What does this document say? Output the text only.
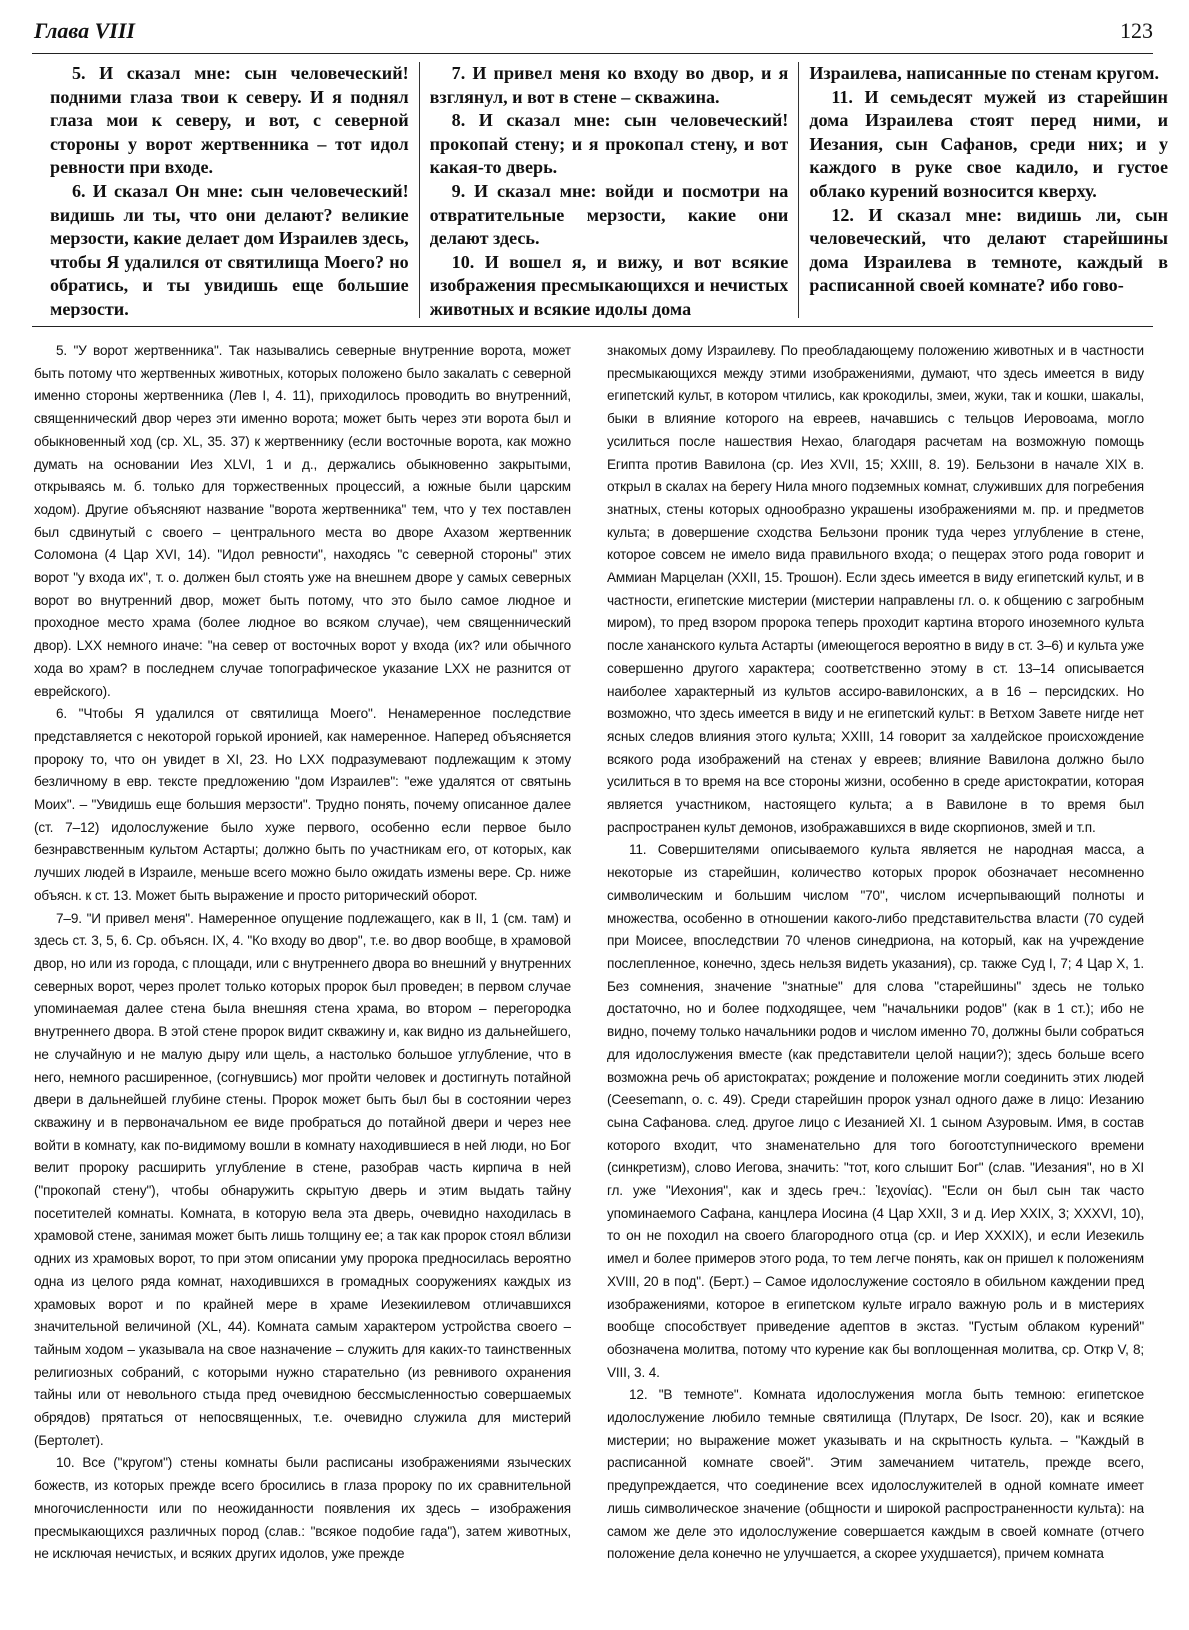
Глава VIII	123

5. И сказал мне: сын человеческий! подними глаза твои к северу. И я поднял глаза мои к северу, и вот, с северной стороны у ворот жертвенника – тот идол ревности при входе.

6. И сказал Он мне: сын человеческий! видишь ли ты, что они делают? великие мерзости, какие делает дом Израилев здесь, чтобы Я удалился от святилища Моего? но обратись, и ты увидишь еще большие мерзости.

7. И привел меня ко входу во двор, и я взглянул, и вот в стене – скважина.

8. И сказал мне: сын человеческий! прокопай стену; и я прокопал стену, и вот какая-то дверь.

9. И сказал мне: войди и посмотри на отвратительные мерзости, какие они делают здесь.

10. И вошел я, и вижу, и вот всякие изображения пресмыкающихся и нечистых животных и всякие идолы дома

Израилева, написанные по стенам кругом.

11. И семьдесят мужей из старейшин дома Израилева стоят перед ними, и Иезания, сын Сафанов, среди них; и у каждого в руке свое кадило, и густое облако курений возносится кверху.

12. И сказал мне: видишь ли, сын человеческий, что делают старейшины дома Израилева в темноте, каждый в расписанной своей комнате? ибо гово-

5. "У ворот жертвенника". Так назывались северные внутренние ворота, может быть потому что жертвенных животных, которых положено было закалать с северной именно стороны жертвенника (Лев I, 4. 11), приходилось проводить во внутренний, священнический двор через эти именно ворота; может быть через эти ворота был и обыкновенный ход (ср. XL, 35. 37) к жертвеннику (если восточные ворота, как можно думать на основании Иез XLVI, 1 и д., держались обыкновенно закрытыми, открываясь м. б. только для торжественных процессий, а южные были царским ходом). Другие объясняют название "ворота жертвенника" тем, что у тех поставлен был сдвинутый с своего – центрального места во дворе Ахазом жертвенник Соломона (4 Цар XVI, 14). "Идол ревности", находясь "с северной стороны" этих ворот "у входа их", т. о. должен был стоять уже на внешнем дворе у самых северных ворот во внутренний двор, может быть потому, что это было самое людное и проходное место храма (более людное во всяком случае), чем священнический двор). LXX немного иначе: "на север от восточных ворот у входа (их? или обычного хода во храм? в последнем случае топографическое указание LXX не разнится от еврейского).

6. "Чтобы Я удалился от святилища Моего". Ненамеренное последствие представляется с некоторой горькой иронией, как намеренное. Наперед объясняется пророку то, что он увидет в XI, 23. Но LXX подразумевают подлежащим к этому безличному в евр. тексте предложению "дом Израилев": "еже удалятся от святынь Моих". – "Увидишь еще большия мерзости". Трудно понять, почему описанное далее (ст. 7–12) идолослужение было хуже первого, особенно если первое было безнравственным культом Астарты; должно быть по участникам его, от которых, как лучших людей в Израиле, меньше всего можно было ожидать измены вере. Ср. ниже объясн. к ст. 13. Может быть выражение и просто риторический оборот.

7–9. "И привел меня". Намеренное опущение подлежащего, как в II, 1 (см. там) и здесь ст. 3, 5, 6. Ср. объясн. IX, 4. "Ко входу во двор", т.е. во двор вообще, в храмовой двор, но или из города, с площади, или с внутреннего двора во внешний у внутренних северных ворот, через пролет только которых пророк был проведен; в первом случае упоминаемая далее стена была внешняя стена храма, во втором – перегородка внутреннего двора. В этой стене пророк видит скважину и, как видно из дальнейшего, не случайную и не малую дыру или щель, а настолько большое углубление, что в него, немного расширенное, (согнувшись) мог пройти человек и достигнуть потайной двери в дальнейшей глубине стены. Пророк может быть был бы в состоянии через скважину и в первоначальном ее виде пробраться до потайной двери и через нее войти в комнату, как по-видимому вошли в комнату находившиеся в ней люди, но Бог велит пророку расширить углубление в стене, разобрав часть кирпича в ней ("прокопай стену"), чтобы обнаружить скрытую дверь и этим выдать тайну посетителей комнаты. Комната, в которую вела эта дверь, очевидно находилась в храмовой стене, занимая может быть лишь толщину ее; а так как пророк стоял вблизи одних из храмовых ворот, то при этом описании уму пророка предносилась вероятно одна из целого ряда комнат, находившихся в громадных сооружениях каждых из храмовых ворот и по крайней мере в храме Иезекиилевом отличавшихся значительной величиной (XL, 44). Комната самым характером устройства своего – тайным ходом – указывала на свое назначение – служить для каких-то таинственных религиозных собраний, с которыми нужно старательно (из ревнивого охранения тайны или от невольного стыда пред очевидною бессмысленностью совершаемых обрядов) прятаться от непосвященных, т.е. очевидно служила для мистерий (Бертолет).

10. Все ("кругом") стены комнаты были расписаны изображениями языческих божеств, из которых прежде всего бросились в глаза пророку по их сравнительной многочисленности или по неожиданности появления их здесь – изображения пресмыкающихся различных пород (слав.: "всякое подобие гада"), затем животных, не исключая нечистых, и всяких других идолов, уже прежде

знакомых дому Израилеву. По преобладающему положению животных и в частности пресмыкающихся между этими изображениями, думают, что здесь имеется в виду египетский культ, в котором чтились, как крокодилы, змеи, жуки, так и кошки, шакалы, быки в влияние которого на евреев, начавшись с тельцов Иеровоама, могло усилиться после нашествия Нехао, благодаря расчетам на возможную помощь Египта против Вавилона (ср. Иез XVII, 15; XXIII, 8. 19). Бельзони в начале XIX в. открыл в скалах на берегу Нила много подземных комнат, служивших для погребения знатных, стены которых однообразно украшены изображениями м. пр. и предметов культа; в довершение сходства Бельзони проник туда через углубление в стене, которое совсем не имело вида правильного входа; о пещерах этого рода говорит и Аммиан Марцелан (XXII, 15. Трошон). Если здесь имеется в виду египетский культ, и в частности, египетские мистерии (мистерии направлены гл. о. к общению с загробным миром), то пред взором пророка теперь проходит картина второго иноземного культа после хананского культа Астарты (имеющегося вероятно в виду в ст. 3–6) и культа уже совершенно другого характера; соответственно этому в ст. 13–14 описывается наиболее характерный из культов ассиро-вавилонских, а в 16 – персидских. Но возможно, что здесь имеется в виду и не египетский культ: в Ветхом Завете нигде нет ясных следов влияния этого культа; XXIII, 14 говорит за халдейское происхождение всякого рода изображений на стенах у евреев; влияние Вавилона должно было усилиться в то время на все стороны жизни, особенно в среде аристократии, которая является участником, настоящего культа; а в Вавилоне в то время был распространен культ демонов, изображавшихся в виде скорпионов, змей и т.п.

11. Совершителями описываемого культа является не народная масса, а некоторые из старейшин, количество которых пророк обозначает несомненно символическим и большим числом "70", числом исчерпывающий полноты и множества, особенно в отношении какого-либо представительства власти (70 судей при Моисее, впоследствии 70 членов синедриона, на который, как на учреждение послепленное, конечно, здесь нельзя видеть указания), ср. также Суд I, 7; 4 Цар X, 1. Без сомнения, значение "знатные" для слова "старейшины" здесь не только достаточно, но и более подходящее, чем "начальники родов" (как в 1 ст.); ибо не видно, почему только начальники родов и числом именно 70, должны были собраться для идолослужения вместе (как представители целой нации?); здесь больше всего возможна речь об аристократах; рождение и положение могли соединить этих людей (Ceesemann, o. c. 49). Среди старейшин пророк узнал одного даже в лицо: Иезанию сына Сафанова. след. другое лицо с Иезанией XI. 1 сыном Азуровым. Имя, в состав которого входит, что знаменательно для того богоотступнического времени (синкретизм), слово Иегова, значить: "тот, кого слышит Бог" (слав. "Иезания", но в XI гл. уже "Иехония", как и здесь греч.: Ἰεχονίας). "Если он был сын так часто упоминаемого Сафана, канцлера Иосина (4 Цар XXII, 3 и д. Иер XXIX, 3; XXXVI, 10), то он не походил на своего благородного отца (ср. и Иер XXXIX), и если Иезекиль имел и более примеров этого рода, то тем легче понять, как он пришел к положениям XVIII, 20 в под". (Берт.) – Самое идолослужение состояло в обильном каждении пред изображениями, которое в египетском культе играло важную роль и в мистериях вообще способствует приведение адептов в экстаз. "Густым облаком курений" обозначена молитва, потому что курение как бы воплощенная молитва, ср. Откр V, 8; VIII, 3. 4.

12. "В темноте". Комната идолослужения могла быть темною: египетское идолослужение любило темные святилища (Плутарх, De Isocr. 20), как и всякие мистерии; но выражение может указывать и на скрытность культа. – "Каждый в расписанной комнате своей". Этим замечанием читатель, прежде всего, предупреждается, что соединение всех идолослужителей в одной комнате имеет лишь символическое значение (общности и широкой распространенности культа): на самом же деле это идолослужение совершается каждым в своей комнате (отчего положение дела конечно не улучшается, а скорее ухудшается), причем комната
